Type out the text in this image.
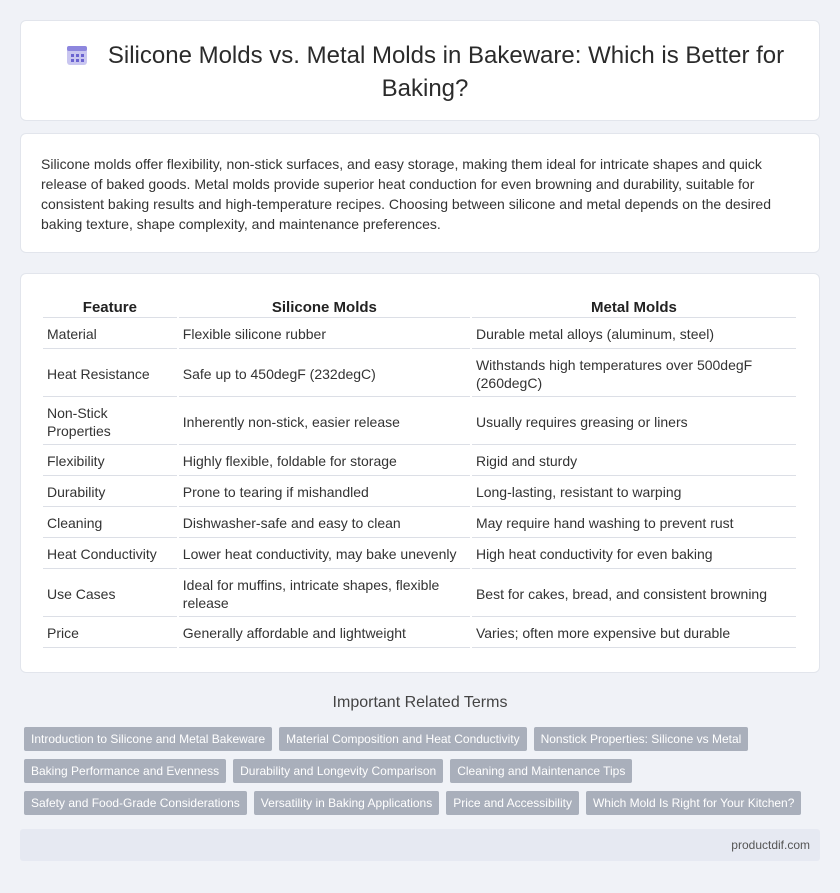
Silicone Molds vs. Metal Molds in Bakeware: Which is Better for Baking?

Silicone molds offer flexibility, non-stick surfaces, and easy storage, making them ideal for intricate shapes and quick release of baked goods. Metal molds provide superior heat conduction for even browning and durability, suitable for consistent baking results and high-temperature recipes. Choosing between silicone and metal depends on the desired baking texture, shape complexity, and maintenance preferences.

Feature	Silicone Molds	Metal Molds
Material	Flexible silicone rubber	Durable metal alloys (aluminum, steel)
Heat Resistance	Safe up to 450degF (232degC)	Withstands high temperatures over 500degF (260degC)
Non-Stick Properties	Inherently non-stick, easier release	Usually requires greasing or liners
Flexibility	Highly flexible, foldable for storage	Rigid and sturdy
Durability	Prone to tearing if mishandled	Long-lasting, resistant to warping
Cleaning	Dishwasher-safe and easy to clean	May require hand washing to prevent rust
Heat Conductivity	Lower heat conductivity, may bake unevenly	High heat conductivity for even baking
Use Cases	Ideal for muffins, intricate shapes, flexible release	Best for cakes, bread, and consistent browning
Price	Generally affordable and lightweight	Varies; often more expensive but durable
Important Related Terms
Introduction to Silicone and Metal Bakeware	Material Composition and Heat Conductivity	Nonstick Properties: Silicone vs Metal
Baking Performance and Evenness	Durability and Longevity Comparison	Cleaning and Maintenance Tips
Safety and Food-Grade Considerations	Versatility in Baking Applications	Price and Accessibility	Which Mold Is Right for Your Kitchen?
productdif.com
